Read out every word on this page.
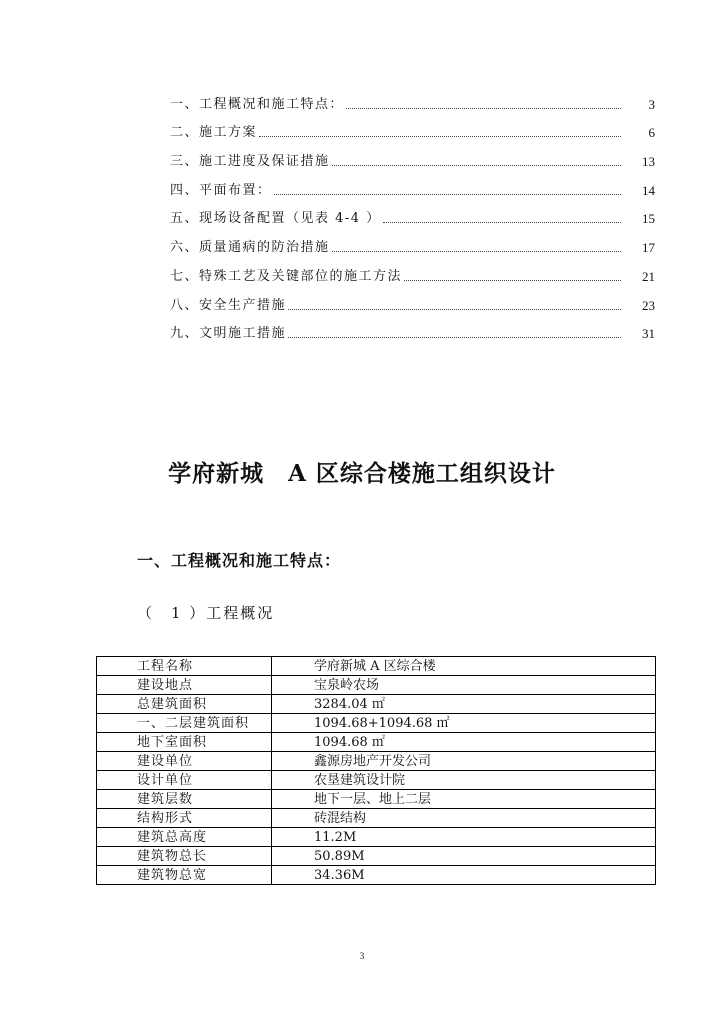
一、工程概况和施工特点：	3
二、施工方案	6
三、施工进度及保证措施	13
四、平面布置：	14
五、现场设备配置（见表 4-4 ）	15
六、质量通病的防治措施	17
七、特殊工艺及关键部位的施工方法	21
八、安全生产措施	23
九、文明施工措施	31
学府新城　A 区综合楼施工组织设计
一、工程概况和施工特点：
（　1 ）工程概况
工程名称	学府新城 A 区综合楼
建设地点	宝泉岭农场
总建筑面积	3284.04 ㎡
一、二层建筑面积	1094.68+1094.68 ㎡
地下室面积	1094.68 ㎡
建设单位	鑫源房地产开发公司
设计单位	农垦建筑设计院
建筑层数	地下一层、地上二层
结构形式	砖混结构
建筑总高度	11.2M
建筑物总长	50.89M
建筑物总宽	34.36M
3
